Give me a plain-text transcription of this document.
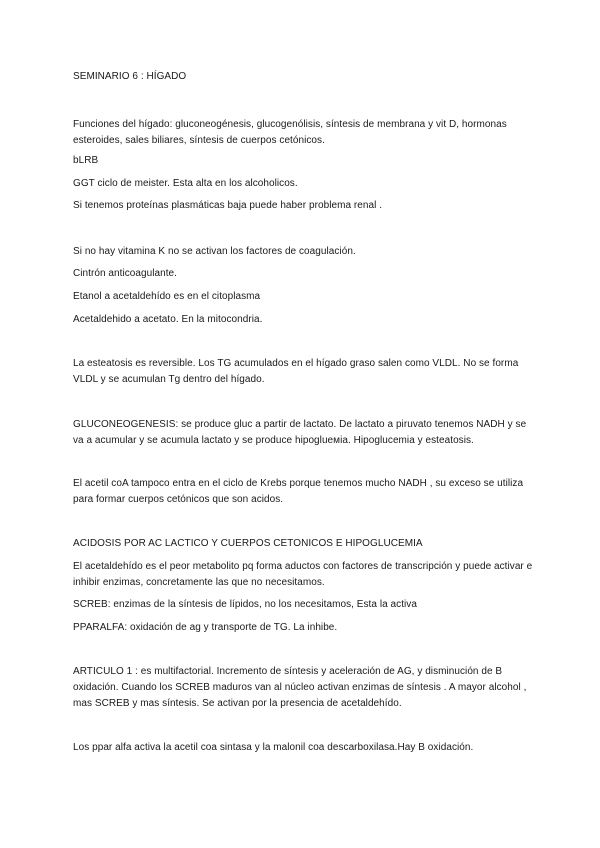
SEMINARIO 6 : HÍGADO

Funciones del hígado: gluconeogénesis, glucogenólisis, síntesis de membrana y vit D, hormonas esteroides, sales biliares, síntesis de cuerpos cetónicos.

bLRB

GGT ciclo de meister. Esta alta en los alcoholicos.

Si tenemos proteínas plasmáticas baja puede haber problema renal .

Si no hay vitamina K no se activan los factores de coagulación.

Cintrón anticoagulante.

Etanol a acetaldehído es en el citoplasma

Acetaldehido a acetato. En la mitocondria.

La esteatosis es reversible. Los TG acumulados en el hígado graso salen como VLDL. No se forma VLDL y se acumulan Tg dentro del hígado.

GLUCONEOGENESIS: se produce gluc a partir de lactato. De lactato a piruvato tenemos NADH y se va a acumular y se acumula lactato y se produce hipoglueмia. Hipoglucemia y esteatosis.

El acetil coA tampoco entra en el ciclo de Krebs porque tenemos mucho NADH , su exceso se utiliza para formar cuerpos cetónicos que son acidos.

ACIDOSIS POR AC LACTICO Y CUERPOS CETONICOS E HIPOGLUCEMIA

El acetaldehído es el peor metabolito pq forma aductos con factores de transcripción y puede activar e inhibir enzimas, concretamente las que no necesitamos.

SCREB: enzimas de la síntesis de lípidos, no los necesitamos, Esta la activa

PPARALFA: oxidación de ag y transporte de TG. La inhibe.

ARTICULO 1 : es multifactorial. Incremento de síntesis y aceleración de AG, y disminución de B oxidación. Cuando los SCREB maduros van al núcleo activan enzimas de síntesis . A mayor alcohol , mas SCREB y mas síntesis. Se activan por la presencia de acetaldehído.

Los ppar alfa activa la acetil coa sintasa y la malonil coa descarboxilasa.Hay B oxidación.
